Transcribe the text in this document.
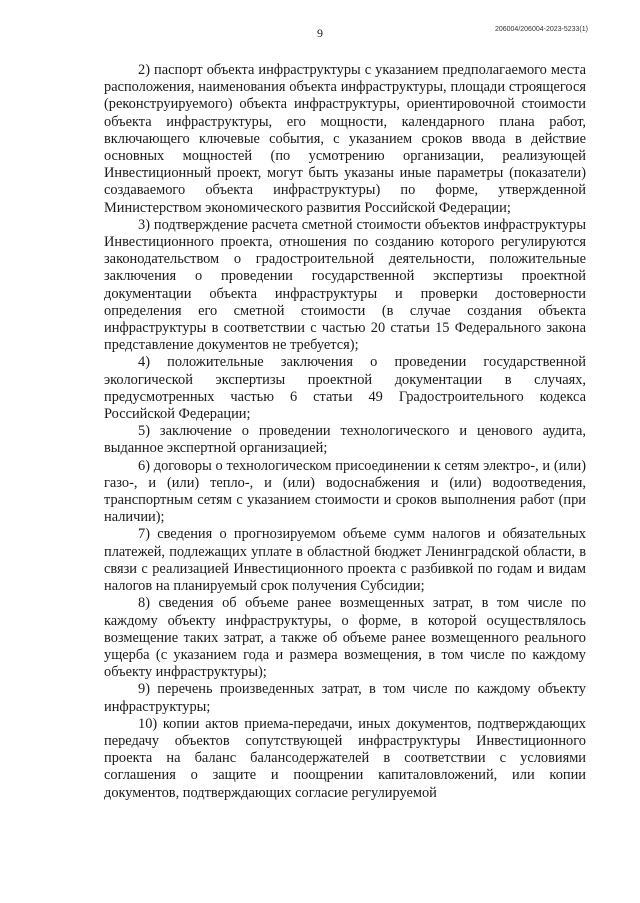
9	206004/206004-2023-5233(1)

2) паспорт объекта инфраструктуры с указанием предполагаемого места расположения, наименования объекта инфраструктуры, площади строящегося (реконструируемого) объекта инфраструктуры, ориентировочной стоимости объекта инфраструктуры, его мощности, календарного плана работ, включающего ключевые события, с указанием сроков ввода в действие основных мощностей (по усмотрению организации, реализующей Инвестиционный проект, могут быть указаны иные параметры (показатели) создаваемого объекта инфраструктуры) по форме, утвержденной Министерством экономического развития Российской Федерации;

3) подтверждение расчета сметной стоимости объектов инфраструктуры Инвестиционного проекта, отношения по созданию которого регулируются законодательством о градостроительной деятельности, положительные заключения о проведении государственной экспертизы проектной документации объекта инфраструктуры и проверки достоверности определения его сметной стоимости (в случае создания объекта инфраструктуры в соответствии с частью 20 статьи 15 Федерального закона представление документов не требуется);

4) положительные заключения о проведении государственной экологической экспертизы проектной документации в случаях, предусмотренных частью 6 статьи 49 Градостроительного кодекса Российской Федерации;

5) заключение о проведении технологического и ценового аудита, выданное экспертной организацией;

6) договоры о технологическом присоединении к сетям электро-, и (или) газо-, и (или) тепло-, и (или) водоснабжения и (или) водоотведения, транспортным сетям с указанием стоимости и сроков выполнения работ (при наличии);

7) сведения о прогнозируемом объеме сумм налогов и обязательных платежей, подлежащих уплате в областной бюджет Ленинградской области, в связи с реализацией Инвестиционного проекта с разбивкой по годам и видам налогов на планируемый срок получения Субсидии;

8) сведения об объеме ранее возмещенных затрат, в том числе по каждому объекту инфраструктуры, о форме, в которой осуществлялось возмещение таких затрат, а также об объеме ранее возмещенного реального ущерба (с указанием года и размера возмещения, в том числе по каждому объекту инфраструктуры);

9) перечень произведенных затрат, в том числе по каждому объекту инфраструктуры;

10) копии актов приема-передачи, иных документов, подтверждающих передачу объектов сопутствующей инфраструктуры Инвестиционного проекта на баланс балансодержателей в соответствии с условиями соглашения о защите и поощрении капиталовложений, или копии документов, подтверждающих согласие регулируемой
